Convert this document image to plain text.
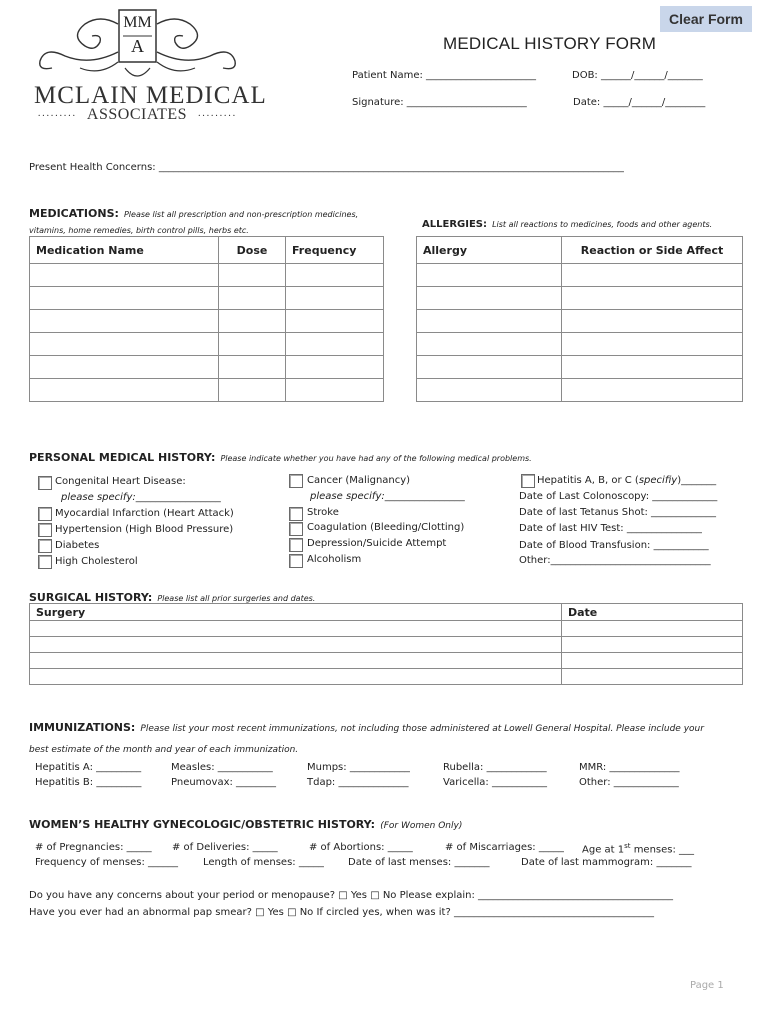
Clear Form
MM
A
MCLAIN MEDICAL
········· ASSOCIATES ·········
MEDICAL HISTORY FORM
Patient Name: ______________________	DOB: ______/______/_______
Signature: ________________________	Date: _____/______/________
Present Health Concerns: _____________________________________________________________________________________________
MEDICATIONS: Please list all prescription and non-prescription medicines,
vitamins, home remedies, birth control pills, herbs etc.
Medication Name	Dose	Frequency

ALLERGIES: List all reactions to medicines, foods and other agents.
Allergy	Reaction or Side Affect

PERSONAL MEDICAL HISTORY: Please indicate whether you have had any of the following medical problems.
Congenital Heart Disease:
please specify:_________________
Myocardial Infarction (Heart Attack)
Hypertension (High Blood Pressure)
Diabetes
High Cholesterol
Cancer (Malignancy)
please specify:________________
Stroke
Coagulation (Bleeding/Clotting)
Depression/Suicide Attempt
Alcoholism
Hepatitis A, B, or C (specifiy)_______
Date of Last Colonoscopy: _____________
Date of last Tetanus Shot: _____________
Date of last HIV Test: _______________
Date of Blood Transfusion: ___________
Other:________________________________
SURGICAL HISTORY: Please list all prior surgeries and dates.
Surgery	Date

IMMUNIZATIONS: Please list your most recent immunizations, not including those administered at Lowell General Hospital. Please include your
best estimate of the month and year of each immunization.
Hepatitis A: _________	Measles: ___________	Mumps: ____________	Rubella: ____________	MMR: ______________
Hepatitis B: _________	Pneumovax: ________	Tdap: ______________	Varicella: ___________	Other: _____________
WOMEN’S HEALTHY GYNECOLOGIC/OBSTETRIC HISTORY: (For Women Only)
# of Pregnancies: _____ # of Deliveries: _____	# of Abortions: _____	# of Miscarriages: _____ Age at 1st menses: ___
Frequency of menses: ______ Length of menses: _____ Date of last menses: _______	Date of last mammogram: _______
Do you have any concerns about your period or menopause? □ Yes □ No Please explain: _______________________________________
Have you ever had an abnormal pap smear? □ Yes □ No If circled yes, when was it? ________________________________________
Page 1
